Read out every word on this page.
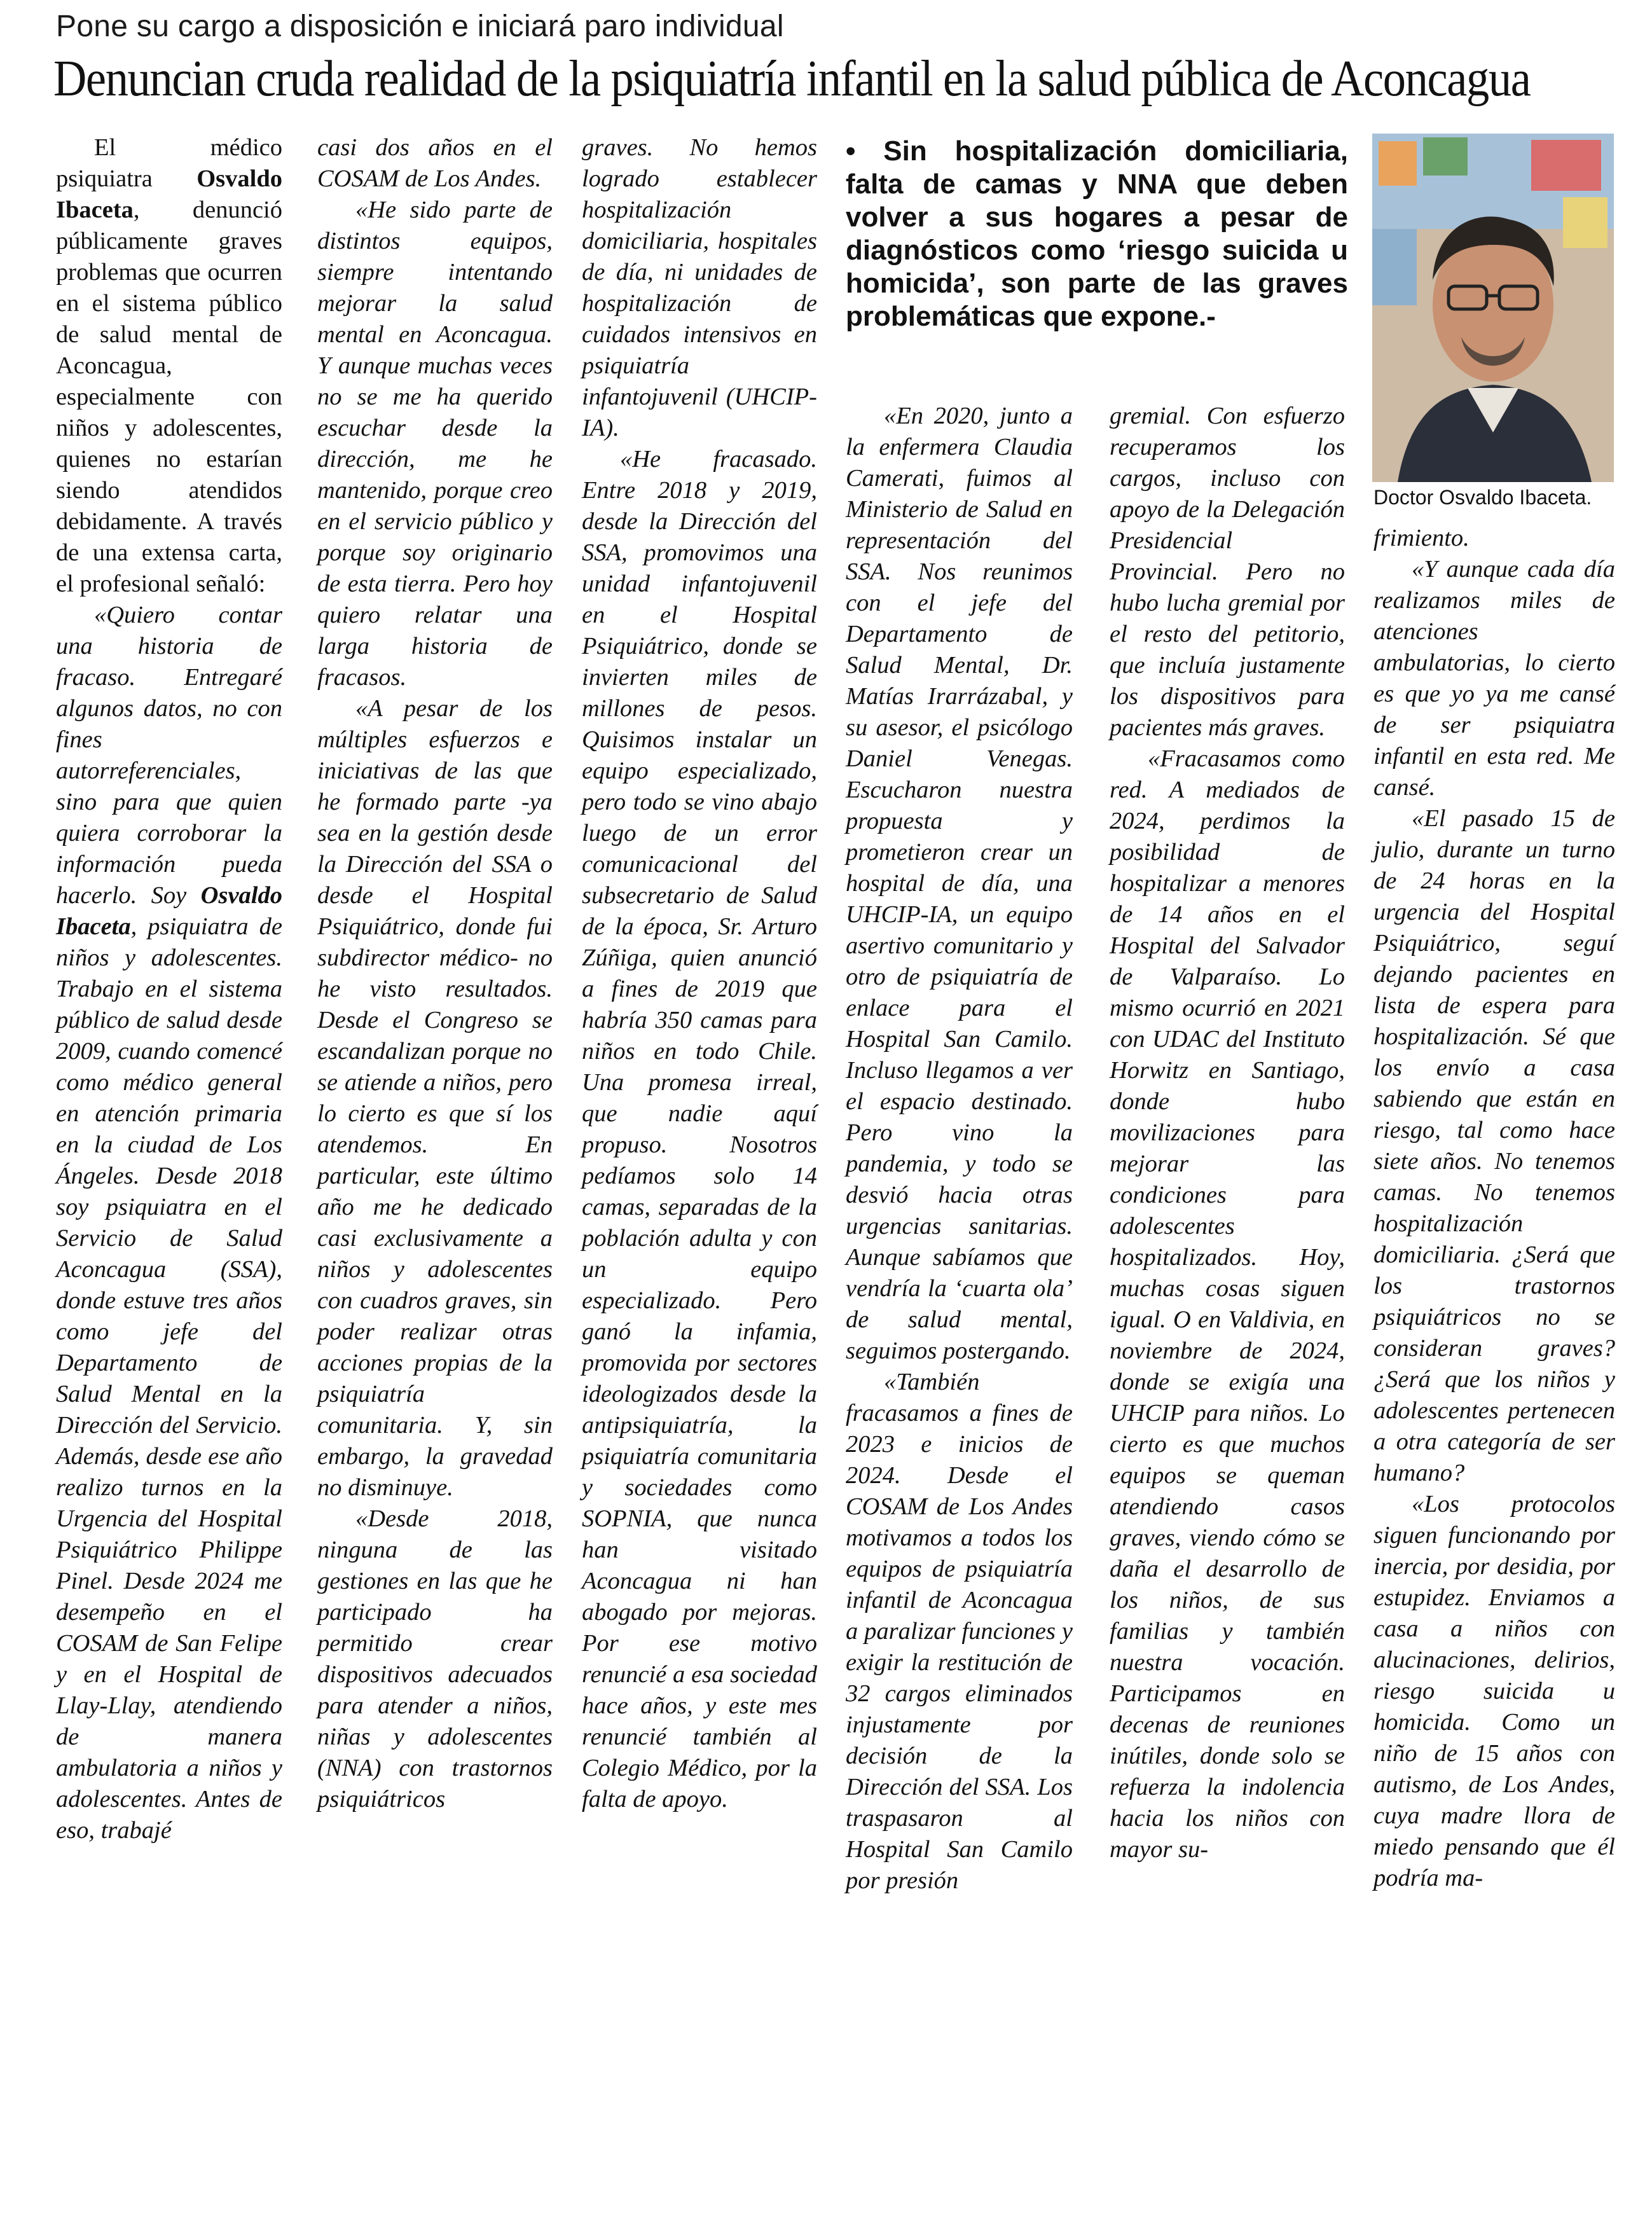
Pone su cargo a disposición e iniciará paro individual
Denuncian cruda realidad de la psiquiatría infantil en la salud pública de Aconcagua

El médico psiquiatra Osvaldo Ibaceta, denunció públicamente graves problemas que ocurren en el sistema público de salud mental de Aconcagua, especialmente con niños y adolescentes, quienes no estarían siendo atendidos debidamente. A través de una extensa carta, el profesional señaló:

«Quiero contar una historia de fracaso. Entregaré algunos datos, no con fines autorreferenciales, sino para que quien quiera corroborar la información pueda hacerlo. Soy Osvaldo Ibaceta, psiquiatra de niños y adolescentes. Trabajo en el sistema público de salud desde 2009, cuando comencé como médico general en atención primaria en la ciudad de Los Ángeles. Desde 2018 soy psiquiatra en el Servicio de Salud Aconcagua (SSA), donde estuve tres años como jefe del Departamento de Salud Mental en la Dirección del Servicio. Además, desde ese año realizo turnos en la Urgencia del Hospital Psiquiátrico Philippe Pinel. Desde 2024 me desempeño en el COSAM de San Felipe y en el Hospital de Llay-Llay, atendiendo de manera ambulatoria a niños y adolescentes. Antes de eso, trabajé

casi dos años en el COSAM de Los Andes.

«He sido parte de distintos equipos, siempre intentando mejorar la salud mental en Aconcagua. Y aunque muchas veces no se me ha querido escuchar desde la dirección, me he mantenido, porque creo en el servicio público y porque soy originario de esta tierra. Pero hoy quiero relatar una larga historia de fracasos.

«A pesar de los múltiples esfuerzos e iniciativas de las que he formado parte -ya sea en la gestión desde la Dirección del SSA o desde el Hospital Psiquiátrico, donde fui subdirector médico- no he visto resultados. Desde el Congreso se escandalizan porque no se atiende a niños, pero lo cierto es que sí los atendemos. En particular, este último año me he dedicado casi exclusivamente a niños y adolescentes con cuadros graves, sin poder realizar otras acciones propias de la psiquiatría comunitaria. Y, sin embargo, la gravedad no disminuye.

«Desde 2018, ninguna de las gestiones en las que he participado ha permitido crear dispositivos adecuados para atender a niños, niñas y adolescentes (NNA) con trastornos psiquiátricos

graves. No hemos logrado establecer hospitalización domiciliaria, hospitales de día, ni unidades de hospitalización de cuidados intensivos en psiquiatría infantojuvenil (UHCIP-IA).

«He fracasado. Entre 2018 y 2019, desde la Dirección del SSA, promovimos una unidad infantojuvenil en el Hospital Psiquiátrico, donde se invierten miles de millones de pesos. Quisimos instalar un equipo especializado, pero todo se vino abajo luego de un error comunicacional del subsecretario de Salud de la época, Sr. Arturo Zúñiga, quien anunció a fines de 2019 que habría 350 camas para niños en todo Chile. Una promesa irreal, que nadie aquí propuso. Nosotros pedíamos solo 14 camas, separadas de la población adulta y con un equipo especializado. Pero ganó la infamia, promovida por sectores ideologizados desde la antipsiquiatría, la psiquiatría comunitaria y sociedades como SOPNIA, que nunca han visitado Aconcagua ni han abogado por mejoras. Por ese motivo renuncié a esa sociedad hace años, y este mes renuncié también al Colegio Médico, por la falta de apoyo.

• Sin hospitalización domiciliaria, falta de camas y NNA que deben volver a sus hogares a pesar de diagnósticos como ‘riesgo suicida u homicida’, son parte de las graves problemáticas que expone.-

Doctor Osvaldo Ibaceta.

«En 2020, junto a la enfermera Claudia Camerati, fuimos al Ministerio de Salud en representación del SSA. Nos reunimos con el jefe del Departamento de Salud Mental, Dr. Matías Irarrázabal, y su asesor, el psicólogo Daniel Venegas. Escucharon nuestra propuesta y prometieron crear un hospital de día, una UHCIP-IA, un equipo asertivo comunitario y otro de psiquiatría de enlace para el Hospital San Camilo. Incluso llegamos a ver el espacio destinado. Pero vino la pandemia, y todo se desvió hacia otras urgencias sanitarias. Aunque sabíamos que vendría la ‘cuarta ola’ de salud mental, seguimos postergando.

«También fracasamos a fines de 2023 e inicios de 2024. Desde el COSAM de Los Andes motivamos a todos los equipos de psiquiatría infantil de Aconcagua a paralizar funciones y exigir la restitución de 32 cargos eliminados injustamente por decisión de la Dirección del SSA. Los traspasaron al Hospital San Camilo por presión

gremial. Con esfuerzo recuperamos los cargos, incluso con apoyo de la Delegación Presidencial Provincial. Pero no hubo lucha gremial por el resto del petitorio, que incluía justamente los dispositivos para pacientes más graves.

«Fracasamos como red. A mediados de 2024, perdimos la posibilidad de hospitalizar a menores de 14 años en el Hospital del Salvador de Valparaíso. Lo mismo ocurrió en 2021 con UDAC del Instituto Horwitz en Santiago, donde hubo movilizaciones para mejorar las condiciones para adolescentes hospitalizados. Hoy, muchas cosas siguen igual. O en Valdivia, en noviembre de 2024, donde se exigía una UHCIP para niños. Lo cierto es que muchos equipos se queman atendiendo casos graves, viendo cómo se daña el desarrollo de los niños, de sus familias y también nuestra vocación. Participamos en decenas de reuniones inútiles, donde solo se refuerza la indolencia hacia los niños con mayor su-

frimiento.

«Y aunque cada día realizamos miles de atenciones ambulatorias, lo cierto es que yo ya me cansé de ser psiquiatra infantil en esta red. Me cansé.

«El pasado 15 de julio, durante un turno de 24 horas en la urgencia del Hospital Psiquiátrico, seguí dejando pacientes en lista de espera para hospitalización. Sé que los envío a casa sabiendo que están en riesgo, tal como hace siete años. No tenemos camas. No tenemos hospitalización domiciliaria. ¿Será que los trastornos psiquiátricos no se consideran graves? ¿Será que los niños y adolescentes pertenecen a otra categoría de ser humano?

«Los protocolos siguen funcionando por inercia, por desidia, por estupidez. Enviamos a casa a niños con alucinaciones, delirios, riesgo suicida u homicida. Como un niño de 15 años con autismo, de Los Andes, cuya madre llora de miedo pensando que él podría ma-
